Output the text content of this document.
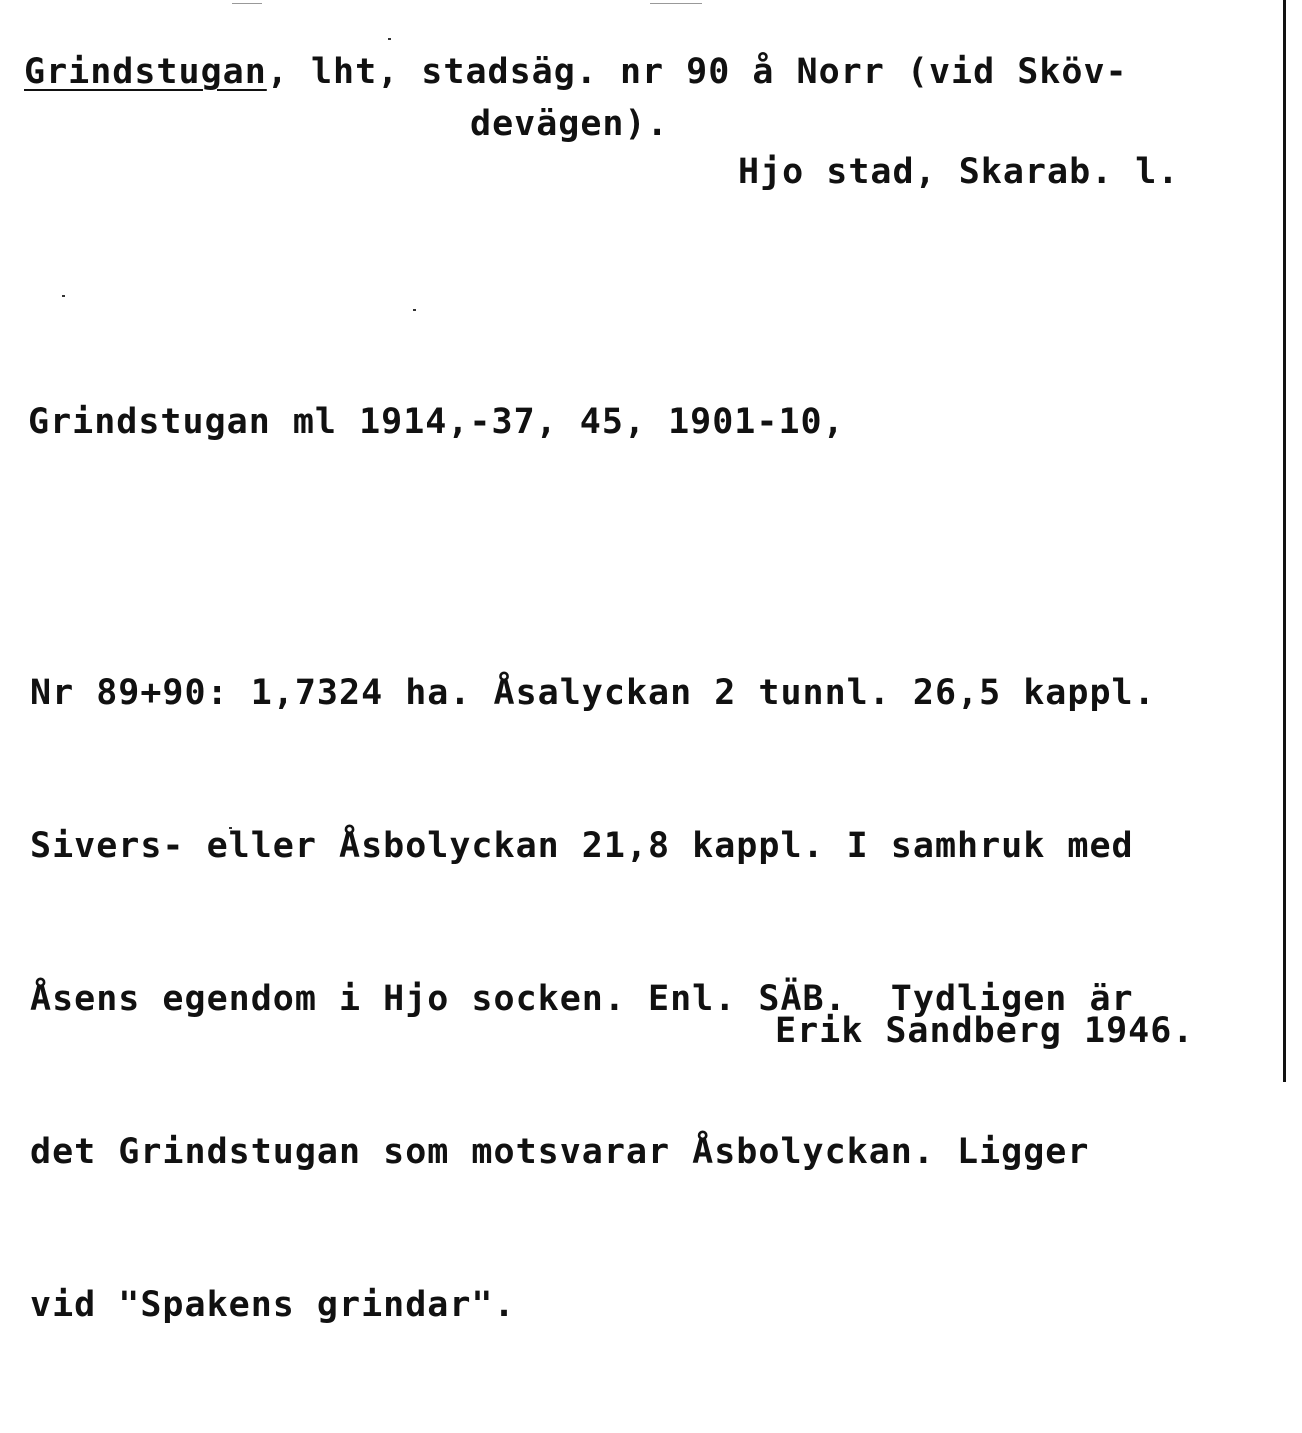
Grindstugan, lht, stadsäg. nr 90 å Norr (vid Sköv-
devägen).
Hjo stad, Skarab. l.
Grindstugan ml 1914,-37, 45, 1901-10,

Nr 89+90: 1,7324 ha. Åsalyckan 2 tunnl. 26,5 kappl.

Sivers- eller Åsbolyckan 21,8 kappl. I samhruk med

Åsens egendom i Hjo socken. Enl. SÄB.  Tydligen är

det Grindstugan som motsvarar Åsbolyckan. Ligger

vid "Spakens grindar".

Erik Sandberg 1946.
